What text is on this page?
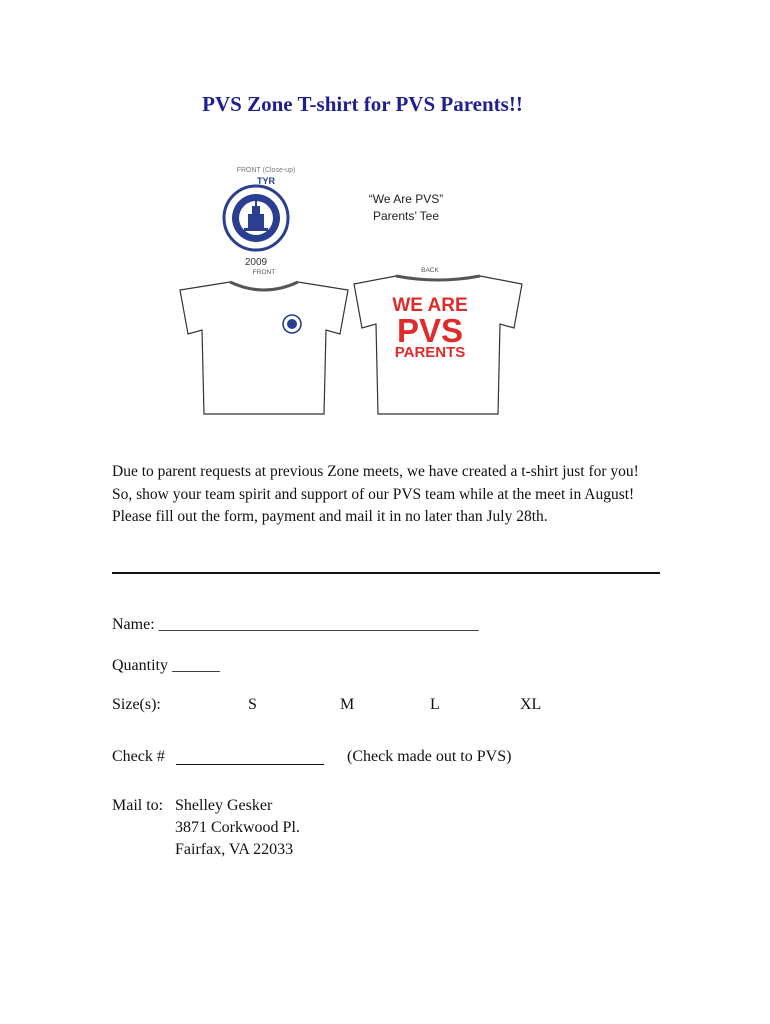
PVS Zone T-shirt for PVS Parents!!
FRONT (Close-up)
TYR
2009
“We Are PVS”
Parents’ Tee
FRONT	BACK
WE ARE
PVS
PARENTS
Due to parent requests at previous Zone meets, we have created a t-shirt just for you! So, show your team spirit and support of our PVS team while at the meet in August! Please fill out the form, payment and mail it in no later than July 28th.
Name: ________________________________________
Quantity ______
Size(s):	S	M	L	XL
Check #	(Check made out to PVS)
Mail to: Shelley Gesker
3871 Corkwood Pl.
Fairfax, VA 22033
